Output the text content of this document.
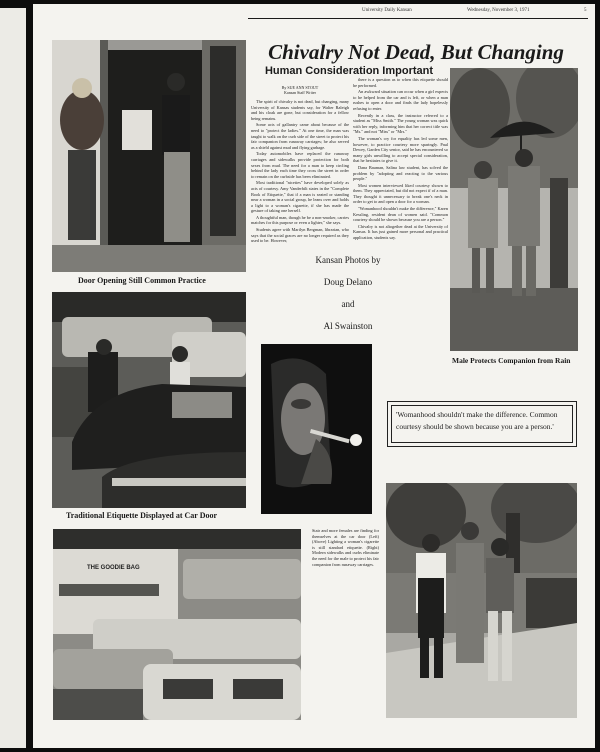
University Daily Kansan	Wednesday, November 3, 1971	5
Chivalry Not Dead, But Changing
Human Consideration Important
By SUE ANN STOUT
Kansan Staff Writer

The spirit of chivalry is not dead, but changing, many University of Kansas students say, for Walter Raleigh and his cloak are gone, but consideration for a fellow being remains.

Some acts of gallantry came about because of the need to "protect the ladies." At one time, the man was taught to walk on the curb side of the street to protect his fair companion from runaway carriages; he also served as a shield against mud and flying garbage.

Today automobiles have replaced the runaway carriages and sidewalks provide protection for both sexes from mud. The need for a man to keep circling behind the lady each time they cross the street in order to remain on the curbside has been eliminated.

Most traditional "niceties" have developed solely as acts of courtesy. Amy Vanderbilt states in the "Complete Book of Etiquette," that if a man is seated or standing near a woman in a social group, he leans over and holds a light to a woman's cigarette, if she has made the gesture of taking one herself.

A thoughtful man, though he be a non-smoker, carries matches for this purpose or even a lighter," she says.

Students agree with Marilyn Bergman, librarian, who says that the social graces are no longer required as they used to be. However,

there is a question as to when this etiquette should be performed.

An awkward situation can occur when a girl expects to be helped from the car and is left, or when a man rushes to open a door and finds the lady hopelessly refusing to enter.

Recently in a class, the instructor referred to a student as "Miss Smith." The young woman was quick with her reply, informing him that her correct title was "Ms." and not "Miss" or "Mrs."

The woman's cry for equality has led some men, however, to practice courtesy more sparingly. Paul Dewey, Garden City senior, said he has encountered so many girls unwilling to accept special consideration, that he hesitates to give it.

Dana Bauman, Salina law student, has solved the problem by "adopting and reacting to the various people."

Most women interviewed liked courtesy shown to them. They appreciated, but did not expect if of a man. They thought it unnecessary to break one's neck in order to get to and open a door for a woman.

"Womanhood shouldn't make the difference," Karen Kessling, resident dean of women said. "Common courtesy should be shown because you are a person."

Chivalry is not altogether dead at the University of Kansas. It has just gained more personal and practical application, students say.

Door Opening Still Common Practice
Male Protects Companion from Rain
Kansan Photos by
Doug Delano
and
Al Swainston
Traditional Etiquette Displayed at Car Door
Stair and more females are finding for themselves at the car door (Left) (Above) Lighting a woman's cigarette is still standard etiquette. (Right) Modern sidewalks and curbs eliminate the need for the male to protect his fair companion from runaway carriages.
'Womanhood shouldn't make the difference. Common courtesy should be shown because you are a person.'
THE GOODIE BAG
